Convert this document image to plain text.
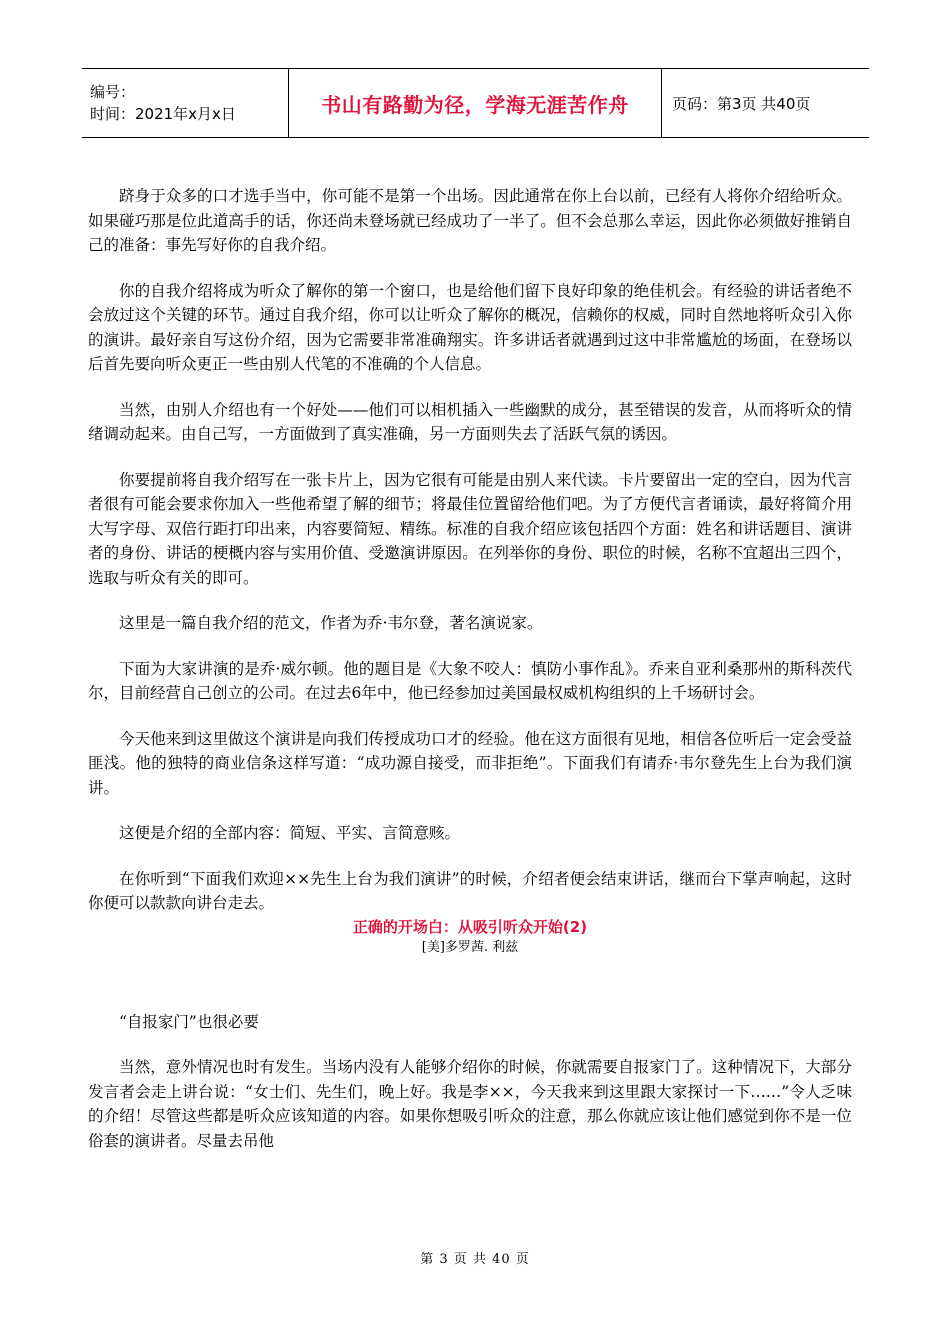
编号：
时间：2021年x月x日	书山有路勤为径，学海无涯苦作舟	页码：第3页 共40页

跻身于众多的口才选手当中，你可能不是第一个出场。因此通常在你上台以前，已经有人将你介绍给听众。如果碰巧那是位此道高手的话，你还尚未登场就已经成功了一半了。但不会总那么幸运，因此你必须做好推销自己的准备：事先写好你的自我介绍。

你的自我介绍将成为听众了解你的第一个窗口，也是给他们留下良好印象的绝佳机会。有经验的讲话者绝不会放过这个关键的环节。通过自我介绍，你可以让听众了解你的概况，信赖你的权威，同时自然地将听众引入你的演讲。最好亲自写这份介绍，因为它需要非常准确翔实。许多讲话者就遇到过这中非常尴尬的场面，在登场以后首先要向听众更正一些由别人代笔的不准确的个人信息。

当然，由别人介绍也有一个好处——他们可以相机插入一些幽默的成分，甚至错误的发音，从而将听众的情绪调动起来。由自己写，一方面做到了真实准确，另一方面则失去了活跃气氛的诱因。

你要提前将自我介绍写在一张卡片上，因为它很有可能是由别人来代读。卡片要留出一定的空白，因为代言者很有可能会要求你加入一些他希望了解的细节；将最佳位置留给他们吧。为了方便代言者诵读，最好将简介用大写字母、双倍行距打印出来，内容要简短、精练。标准的自我介绍应该包括四个方面：姓名和讲话题目、演讲者的身份、讲话的梗概内容与实用价值、受邀演讲原因。在列举你的身份、职位的时候，名称不宜超出三四个，选取与听众有关的即可。

这里是一篇自我介绍的范文，作者为乔·韦尔登，著名演说家。

下面为大家讲演的是乔·威尔顿。他的题目是《大象不咬人：慎防小事作乱》。乔来自亚利桑那州的斯科茨代尔，目前经营自己创立的公司。在过去6年中，他已经参加过美国最权威机构组织的上千场研讨会。

今天他来到这里做这个演讲是向我们传授成功口才的经验。他在这方面很有见地，相信各位听后一定会受益匪浅。他的独特的商业信条这样写道：“成功源自接受，而非拒绝”。下面我们有请乔·韦尔登先生上台为我们演讲。

这便是介绍的全部内容：简短、平实、言简意赅。

在你听到“下面我们欢迎××先生上台为我们演讲”的时候，介绍者便会结束讲话，继而台下掌声响起，这时你便可以款款向讲台走去。

正确的开场白：从吸引听众开始(2)
[美]多罗茜. 利兹

“自报家门”也很必要

当然，意外情况也时有发生。当场内没有人能够介绍你的时候，你就需要自报家门了。这种情况下，大部分发言者会走上讲台说：“女士们、先生们，晚上好。我是李××，今天我来到这里跟大家探讨一下……”令人乏味的介绍！尽管这些都是听众应该知道的内容。如果你想吸引听众的注意，那么你就应该让他们感觉到你不是一位俗套的演讲者。尽量去吊他

第 3 页 共 40 页
